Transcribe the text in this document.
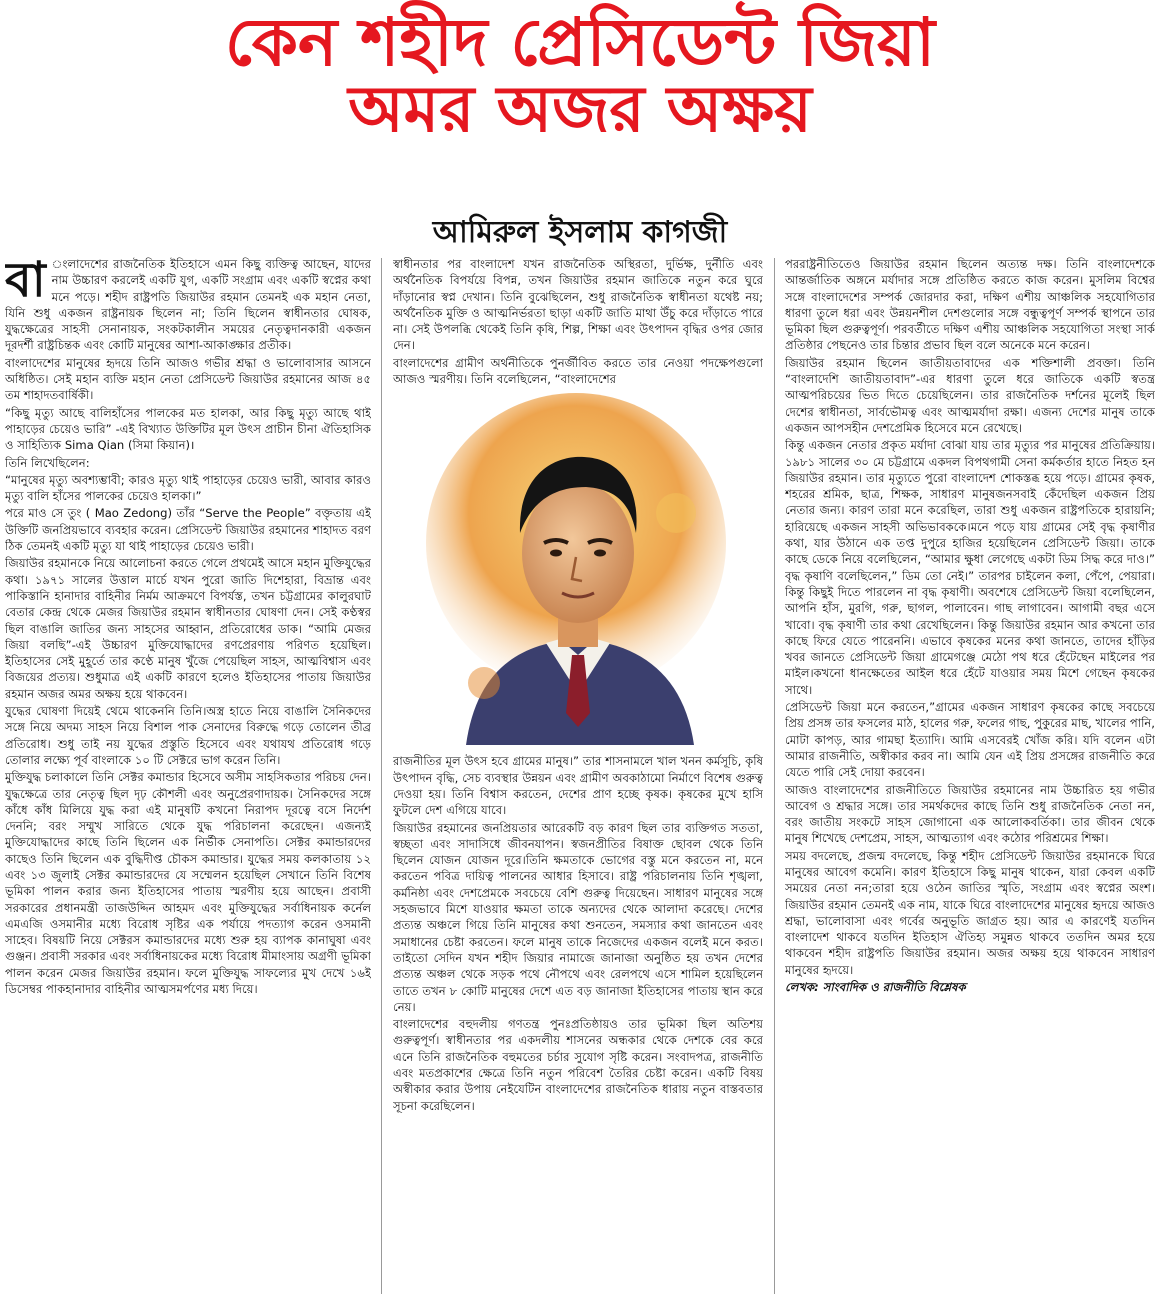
কেন শহীদ প্রেসিডেন্ট জিয়া
অমর অজর অক্ষয়
আমিরুল ইসলাম কাগজী

বা ংলাদেশের রাজনৈতিক ইতিহাসে এমন কিছু ব্যক্তিত্ব আছেন, যাদের নাম উচ্চারণ করলেই একটি যুগ, একটি সংগ্রাম এবং একটি স্বপ্নের কথা মনে পড়ে। শহীদ রাষ্ট্রপতি জিয়াউর রহমান তেমনই এক মহান নেতা, যিনি শুধু একজন রাষ্ট্রনায়ক ছিলেন না; তিনি ছিলেন স্বাধীনতার ঘোষক, যুদ্ধক্ষেত্রের সাহসী সেনানায়ক, সংকটকালীন সময়ের নেতৃত্বদানকারী একজন দূরদর্শী রাষ্ট্রচিন্তক এবং কোটি মানুষের আশা-আকাঙ্ক্ষার প্রতীক।

বাংলাদেশের মানুষের হৃদয়ে তিনি আজও গভীর শ্রদ্ধা ও ভালোবাসার আসনে অধিষ্ঠিত। সেই মহান ব্যক্তি মহান নেতা প্রেসিডেন্ট জিয়াউর রহমানের আজ ৪৫ তম শাহাদতবার্ষিকী।

“কিছু মৃত্যু আছে বালিহাঁসের পালকের মত হালকা, আর কিছু মৃত্যু আছে থাই পাহাড়ের চেয়েও ভারি” -এই বিখ্যাত উক্তিটির মূল উৎস প্রাচীন চীনা ঐতিহাসিক ও সাহিত্যিক Sima Qian (সিমা কিয়ান)।

তিনি লিখেছিলেন:

“মানুষের মৃত্যু অবশ্যম্ভাবী; কারও মৃত্যু থাই পাহাড়ের চেয়েও ভারী, আবার কারও মৃত্যু বালি হাঁসের পালকের চেয়েও হালকা।”

পরে মাও সে তুং ( Mao Zedong) তাঁর “Serve the People” বক্তৃতায় এই উক্তিটি জনপ্রিয়ভাবে ব্যবহার করেন। প্রেসিডেন্ট জিয়াউর রহমানের শাহাদত বরণ ঠিক তেমনই একটি মৃত্যু যা থাই পাহাড়ের চেয়েও ভারী।

জিয়াউর রহমানকে নিয়ে আলোচনা করতে গেলে প্রথমেই আসে মহান মুক্তিযুদ্ধের কথা। ১৯৭১ সালের উত্তাল মার্চে যখন পুরো জাতি দিশেহারা, বিভ্রান্ত এবং পাকিস্তানি হানাদার বাহিনীর নির্মম আক্রমণে বিপর্যস্ত, তখন চট্টগ্রামের কালুরঘাট বেতার কেন্দ্র থেকে মেজর জিয়াউর রহমান স্বাধীনতার ঘোষণা দেন। সেই কণ্ঠস্বর ছিল বাঙালি জাতির জন্য সাহসের আহ্বান, প্রতিরোধের ডাক। “আমি মেজর জিয়া বলছি”-এই উচ্চারণ মুক্তিযোদ্ধাদের রণপ্রেরণায় পরিণত হয়েছিল। ইতিহাসের সেই মুহূর্তে তার কণ্ঠে মানুষ খুঁজে পেয়েছিল সাহস, আত্মবিশ্বাস এবং বিজয়ের প্রত্যয়। শুধুমাত্র এই একটি কারণে হলেও ইতিহাসের পাতায় জিয়াউর রহমান অজর অমর অক্ষয় হয়ে থাকবেন।

যুদ্ধের ঘোষণা দিয়েই থেমে থাকেননি তিনি।অস্ত্র হাতে নিয়ে বাঙালি সৈনিকদের সঙ্গে নিয়ে অদম্য সাহস নিয়ে বিশাল পাক সেনাদের বিরুদ্ধে গড়ে তোলেন তীব্র প্রতিরোধ। শুধু তাই নয় যুদ্ধের প্রস্তুতি হিসেবে এবং যথাযথ প্রতিরোধ গড়ে তোলার লক্ষ্যে পূর্ব বাংলাকে ১০ টি সেক্টরে ভাগ করেন তিনি।

মুক্তিযুদ্ধ চলাকালে তিনি সেক্টর কমান্ডার হিসেবে অসীম সাহসিকতার পরিচয় দেন। যুদ্ধক্ষেত্রে তার নেতৃত্ব ছিল দৃঢ় কৌশলী এবং অনুপ্রেরণাদায়ক। সৈনিকদের সঙ্গে কাঁধে কাঁধ মিলিয়ে যুদ্ধ করা এই মানুষটি কখনো নিরাপদ দূরত্বে বসে নির্দেশ দেননি; বরং সম্মুখ সারিতে থেকে যুদ্ধ পরিচালনা করেছেন। এজন্যই মুক্তিযোদ্ধাদের কাছে তিনি ছিলেন এক নির্ভীক সেনাপতি। সেক্টর কমান্ডারদের কাছেও তিনি ছিলেন এক বুদ্ধিদীপ্ত চৌকস কমান্ডার। যুদ্ধের সময় কলকাতায় ১২ এবং ১৩ জুলাই সেক্টর কমান্ডারদের যে সম্মেলন হয়েছিল সেখানে তিনি বিশেষ ভূমিকা পালন করার জন্য ইতিহাসের পাতায় স্মরণীয় হয়ে আছেন। প্রবাসী সরকারের প্রধানমন্ত্রী তাজউদ্দিন আহমদ এবং মুক্তিযুদ্ধের সর্বাধিনায়ক কর্নেল এমএজি ওসমানীর মধ্যে বিরোধ সৃষ্টির এক পর্যায়ে পদত্যাগ করেন ওসমানী সাহেব। বিষয়টি নিয়ে সেক্টরস কমান্ডারদের মধ্যে শুরু হয় ব্যাপক কানাঘুষা এবং গুঞ্জন। প্রবাসী সরকার এবং সর্বাধিনায়কের মধ্যে বিরোধ মীমাংসায় অগ্রণী ভূমিকা পালন করেন মেজর জিয়াউর রহমান। ফলে মুক্তিযুদ্ধ সাফল্যের মুখ দেখে ১৬ই ডিসেম্বর পাকহানাদার বাহিনীর আত্মসমর্পণের মধ্য দিয়ে।

স্বাধীনতার পর বাংলাদেশ যখন রাজনৈতিক অস্থিরতা, দুর্ভিক্ষ, দুর্নীতি এবং অর্থনৈতিক বিপর্যয়ে বিপন্ন, তখন জিয়াউর রহমান জাতিকে নতুন করে ঘুরে দাঁড়ানোর স্বপ্ন দেখান। তিনি বুঝেছিলেন, শুধু রাজনৈতিক স্বাধীনতা যথেষ্ট নয়; অর্থনৈতিক মুক্তি ও আত্মনির্ভরতা ছাড়া একটি জাতি মাথা উঁচু করে দাঁড়াতে পারে না। সেই উপলব্ধি থেকেই তিনি কৃষি, শিল্প, শিক্ষা এবং উৎপাদন বৃদ্ধির ওপর জোর দেন।

বাংলাদেশের গ্রামীণ অর্থনীতিকে পুনর্জীবিত করতে তার নেওয়া পদক্ষেপগুলো আজও স্মরণীয়। তিনি বলেছিলেন, “বাংলাদেশের

রাজনীতির মূল উৎস হবে গ্রামের মানুষ।” তার শাসনামলে খাল খনন কর্মসূচি, কৃষি উৎপাদন বৃদ্ধি, সেচ ব্যবস্থার উন্নয়ন এবং গ্রামীণ অবকাঠামো নির্মাণে বিশেষ গুরুত্ব দেওয়া হয়। তিনি বিশ্বাস করতেন, দেশের প্রাণ হচ্ছে কৃষক। কৃষকের মুখে হাসি ফুটলে দেশ এগিয়ে যাবে।

জিয়াউর রহমানের জনপ্রিয়তার আরেকটি বড় কারণ ছিল তার ব্যক্তিগত সততা, স্বচ্ছতা এবং সাদাসিধে জীবনযাপন। স্বজনপ্রীতির বিষাক্ত ছোবল থেকে তিনি ছিলেন যোজন যোজন দূরে।তিনি ক্ষমতাকে ভোগের বস্তু মনে করতেন না, মনে করতেন পবিত্র দায়িত্ব পালনের আধার হিসাবে। রাষ্ট্র পরিচালনায় তিনি শৃঙ্খলা, কর্মনিষ্ঠা এবং দেশপ্রেমকে সবচেয়ে বেশি গুরুত্ব দিয়েছেন। সাধারণ মানুষের সঙ্গে সহজভাবে মিশে যাওয়ার ক্ষমতা তাকে অন্যদের থেকে আলাদা করেছে। দেশের প্রত্যন্ত অঞ্চলে গিয়ে তিনি মানুষের কথা শুনতেন, সমস্যার কথা জানতেন এবং সমাধানের চেষ্টা করতেন। ফলে মানুষ তাকে নিজেদের একজন বলেই মনে করত। তাইতো সেদিন যখন শহীদ জিয়ার নামাজে জানাজা অনুষ্ঠিত হয় তখন দেশের প্রত্যন্ত অঞ্চল থেকে সড়ক পথে নৌপথে এবং রেলপথে এসে শামিল হয়েছিলেন তাতে তখন ৮ কোটি মানুষের দেশে এত বড় জানাজা ইতিহাসের পাতায় স্থান করে নেয়।

বাংলাদেশের বহুদলীয় গণতন্ত্র পুনঃপ্রতিষ্ঠায়ও তার ভূমিকা ছিল অতিশয় গুরুত্বপূর্ণ। স্বাধীনতার পর একদলীয় শাসনের অন্ধকার থেকে দেশকে বের করে এনে তিনি রাজনৈতিক বহুমতের চর্চার সুযোগ সৃষ্টি করেন। সংবাদপত্র, রাজনীতি এবং মতপ্রকাশের ক্ষেত্রে তিনি নতুন পরিবেশ তৈরির চেষ্টা করেন। একটি বিষয় অস্বীকার করার উপায় নেইযেটিন বাংলাদেশের রাজনৈতিক ধারায় নতুন বাস্তবতার সূচনা করেছিলেন।

পররাষ্ট্রনীতিতেও জিয়াউর রহমান ছিলেন অত্যন্ত দক্ষ। তিনি বাংলাদেশকে আন্তর্জাতিক অঙ্গনে মর্যাদার সঙ্গে প্রতিষ্ঠিত করতে কাজ করেন। মুসলিম বিশ্বের সঙ্গে বাংলাদেশের সম্পর্ক জোরদার করা, দক্ষিণ এশীয় আঞ্চলিক সহযোগিতার ধারণা তুলে ধরা এবং উন্নয়নশীল দেশগুলোর সঙ্গে বন্ধুত্বপূর্ণ সম্পর্ক স্থাপনে তার ভূমিকা ছিল গুরুত্বপূর্ণ। পরবর্তীতে দক্ষিণ এশীয় আঞ্চলিক সহযোগিতা সংস্থা সার্ক প্রতিষ্ঠার পেছনেও তার চিন্তার প্রভাব ছিল বলে অনেকে মনে করেন।

জিয়াউর রহমান ছিলেন জাতীয়তাবাদের এক শক্তিশালী প্রবক্তা। তিনি “বাংলাদেশি জাতীয়তাবাদ”-এর ধারণা তুলে ধরে জাতিকে একটি স্বতন্ত্র আত্মপরিচয়ের ভিত দিতে চেয়েছিলেন। তার রাজনৈতিক দর্শনের মূলেই ছিল দেশের স্বাধীনতা, সার্বভৌমত্ব এবং আত্মমর্যাদা রক্ষা। এজন্য দেশের মানুষ তাকে একজন আপসহীন দেশপ্রেমিক হিসেবে মনে রেখেছে।

কিন্তু একজন নেতার প্রকৃত মর্যাদা বোঝা যায় তার মৃত্যুর পর মানুষের প্রতিক্রিয়ায়। ১৯৮১ সালের ৩০ মে চট্টগ্রামে একদল বিপথগামী সেনা কর্মকর্তার হাতে নিহত হন জিয়াউর রহমান। তার মৃত্যুতে পুরো বাংলাদেশ শোকস্তব্ধ হয়ে পড়ে। গ্রামের কৃষক, শহরের শ্রমিক, ছাত্র, শিক্ষক, সাধারণ মানুষজনসবাই কেঁদেছিল একজন প্রিয় নেতার জন্য। কারণ তারা মনে করেছিল, তারা শুধু একজন রাষ্ট্রপতিকে হারায়নি; হারিয়েছে একজন সাহসী অভিভাবককে।মনে পড়ে যায় গ্রামের সেই বৃদ্ধ কৃষাণীর কথা, যার উঠানে এক তপ্ত দুপুরে হাজির হয়েছিলেন প্রেসিডেন্ট জিয়া। তাকে কাছে ডেকে নিয়ে বলেছিলেন, “আমার ক্ষুধা লেগেছে একটা ডিম সিদ্ধ করে দাও।” বৃদ্ধ কৃষাণি বলেছিলেন,” ডিম তো নেই।” তারপর চাইলেন কলা, পেঁপে, পেয়ারা। কিন্তু কিছুই দিতে পারলেন না বৃদ্ধ কৃষাণী। অবশেষে প্রেসিডেন্ট জিয়া বলেছিলেন, আপনি হাঁস, মুরগি, গরু, ছাগল, পালাবেন। গাছ লাগাবেন। আগামী বছর এসে খাবো। বৃদ্ধ কৃষাণী তার কথা রেখেছিলেন। কিন্তু জিয়াউর রহমান আর কখনো তার কাছে ফিরে যেতে পারেননি। এভাবে কৃষকের মনের কথা জানতে, তাদের হাঁড়ির খবর জানতে প্রেসিডেন্ট জিয়া গ্রামেগঞ্জে মেঠো পথ ধরে হেঁটেছেন মাইলের পর মাইল।কখনো ধানক্ষেতের আইল ধরে হেঁটে যাওয়ার সময় মিশে গেছেন কৃষকের সাথে।

প্রেসিডেন্ট জিয়া মনে করতেন,”গ্রামের একজন সাধারণ কৃষকের কাছে সবচেয়ে প্রিয় প্রসঙ্গ তার ফসলের মাঠ, হালের গরু, ফলের গাছ, পুকুরের মাছ, খালের পানি, মোটা কাপড়, আর গামছা ইত্যাদি। আমি এসবেরই খোঁজ করি। যদি বলেন এটা আমার রাজনীতি, অস্বীকার করব না। আমি যেন এই প্রিয় প্রসঙ্গের রাজনীতি করে যেতে পারি সেই দোয়া করবেন।

আজও বাংলাদেশের রাজনীতিতে জিয়াউর রহমানের নাম উচ্চারিত হয় গভীর আবেগ ও শ্রদ্ধার সঙ্গে। তার সমর্থকদের কাছে তিনি শুধু রাজনৈতিক নেতা নন, বরং জাতীয় সংকটে সাহস জোগানো এক আলোকবর্তিকা। তার জীবন থেকে মানুষ শিখেছে দেশপ্রেম, সাহস, আত্মত্যাগ এবং কঠোর পরিশ্রমের শিক্ষা।

সময় বদলেছে, প্রজন্ম বদলেছে, কিন্তু শহীদ প্রেসিডেন্ট জিয়াউর রহমানকে ঘিরে মানুষের আবেগ কমেনি। কারণ ইতিহাসে কিছু মানুষ থাকেন, যারা কেবল একটি সময়ের নেতা নন;তারা হয়ে ওঠেন জাতির স্মৃতি, সংগ্রাম এবং স্বপ্নের অংশ। জিয়াউর রহমান তেমনই এক নাম, যাকে ঘিরে বাংলাদেশের মানুষের হৃদয়ে আজও শ্রদ্ধা, ভালোবাসা এবং গর্বের অনুভূতি জাগ্রত হয়। আর এ কারণেই যতদিন বাংলাদেশ থাকবে যতদিন ইতিহাস ঐতিহ্য সমুন্নত থাকবে ততদিন অমর হয়ে থাকবেন শহীদ রাষ্ট্রপতি জিয়াউর রহমান। অজর অক্ষয় হয়ে থাকবেন সাধারণ মানুষের হৃদয়ে।

লেখক: সাংবাদিক ও রাজনীতি বিশ্লেষক
